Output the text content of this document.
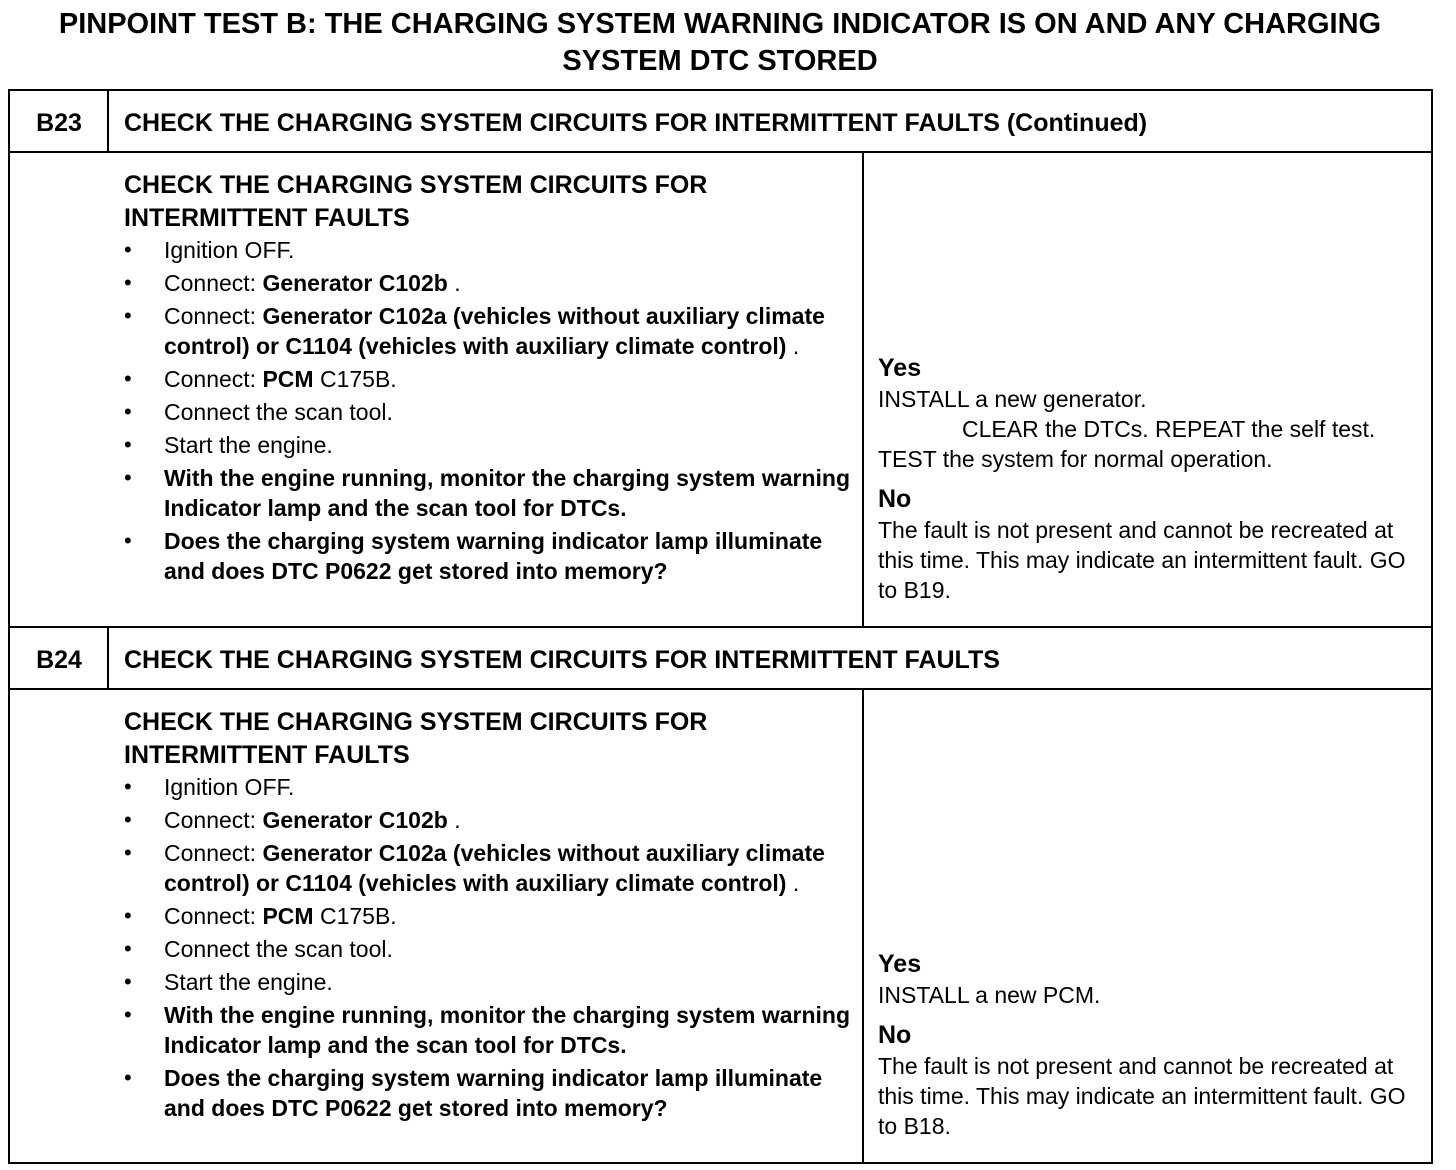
PINPOINT TEST B: THE CHARGING SYSTEM WARNING INDICATOR IS ON AND ANY CHARGING SYSTEM DTC STORED
B23	CHECK THE CHARGING SYSTEM CIRCUITS FOR INTERMITTENT FAULTS (Continued)
CHECK THE CHARGING SYSTEM CIRCUITS FOR INTERMITTENT FAULTS
• Ignition OFF.
• Connect: Generator C102b .
• Connect: Generator C102a (vehicles without auxiliary climate control) or C1104 (vehicles with auxiliary climate control) .
• Connect: PCM C175B.
• Connect the scan tool.
• Start the engine.
• With the engine running, monitor the charging system warning Indicator lamp and the scan tool for DTCs.
• Does the charging system warning indicator lamp illuminate and does DTC P0622 get stored into memory?
Yes
INSTALL a new generator.
CLEAR the DTCs. REPEAT the self test.
TEST the system for normal operation.
No
The fault is not present and cannot be recreated at this time. This may indicate an intermittent fault. GO to B19.
B24	CHECK THE CHARGING SYSTEM CIRCUITS FOR INTERMITTENT FAULTS
CHECK THE CHARGING SYSTEM CIRCUITS FOR INTERMITTENT FAULTS
• Ignition OFF.
• Connect: Generator C102b .
• Connect: Generator C102a (vehicles without auxiliary climate control) or C1104 (vehicles with auxiliary climate control) .
• Connect: PCM C175B.
• Connect the scan tool.
• Start the engine.
• With the engine running, monitor the charging system warning Indicator lamp and the scan tool for DTCs.
• Does the charging system warning indicator lamp illuminate and does DTC P0622 get stored into memory?
Yes
INSTALL a new PCM.
No
The fault is not present and cannot be recreated at this time. This may indicate an intermittent fault. GO to B18.
